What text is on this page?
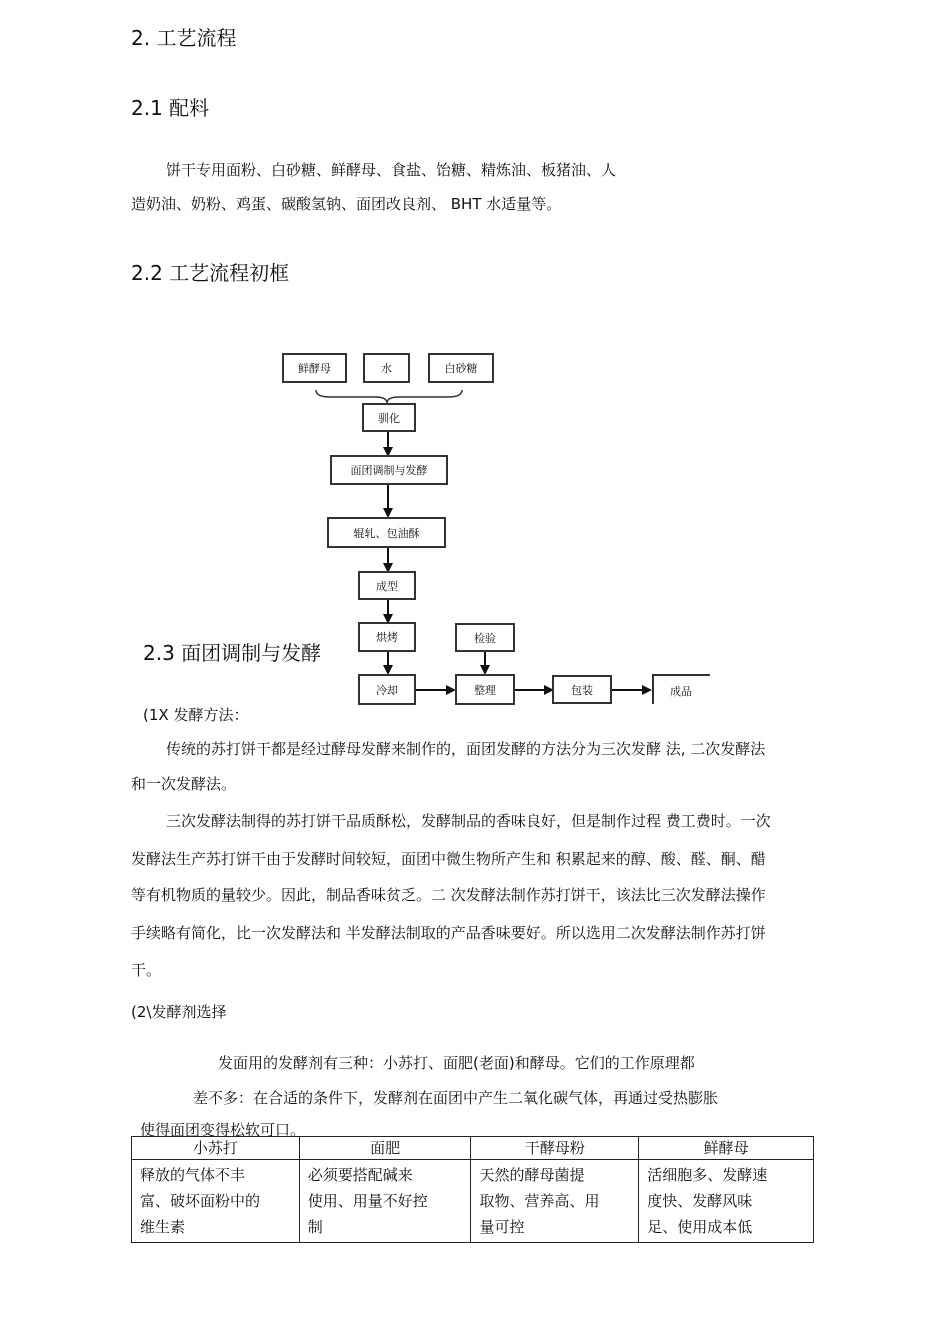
2. 工艺流程
2.1 配料
饼干专用面粉、白砂糖、鲜酵母、食盐、饴糖、精炼油、板猪油、人
造奶油、奶粉、鸡蛋、碳酸氢钠、面团改良剂、 BHT 水适量等。
2.2 工艺流程初框
鲜酵母	水	白砂糖
驯化
面团调制与发酵
辊轧、包油酥
成型
烘烤	检验
冷却	整理	包装	成品
2.3 面团调制与发酵
(1X 发酵方法：
传统的苏打饼干都是经过酵母发酵来制作的，面团发酵的方法分为三次发酵 法, 二次发酵法
和一次发酵法。
三次发酵法制得的苏打饼干品质酥松，发酵制品的香味良好，但是制作过程 费工费时。一次
发酵法生产苏打饼干由于发酵时间较短，面团中微生物所产生和 积累起来的醇、酸、醛、酮、醋
等有机物质的量较少。因此，制品香味贫乏。二 次发酵法制作苏打饼干，该法比三次发酵法操作
手续略有简化，比一次发酵法和 半发酵法制取的产品香味要好。所以选用二次发酵法制作苏打饼
干。
(2\发酵剂选择
发面用的发酵剂有三种：小苏打、面肥(老面)和酵母。它们的工作原理都
差不多：在合适的条件下，发酵剂在面团中产生二氧化碳气体，再通过受热膨胀
使得面团变得松软可口。
小苏打	面肥	干酵母粉	鲜酵母
释放的气体不丰
富、破坏面粉中的
维生素	必须要搭配碱来
使用、用量不好控
制	天然的酵母菌提
取物、营养高、用
量可控	活细胞多、发酵速
度快、发酵风味
足、使用成本低
